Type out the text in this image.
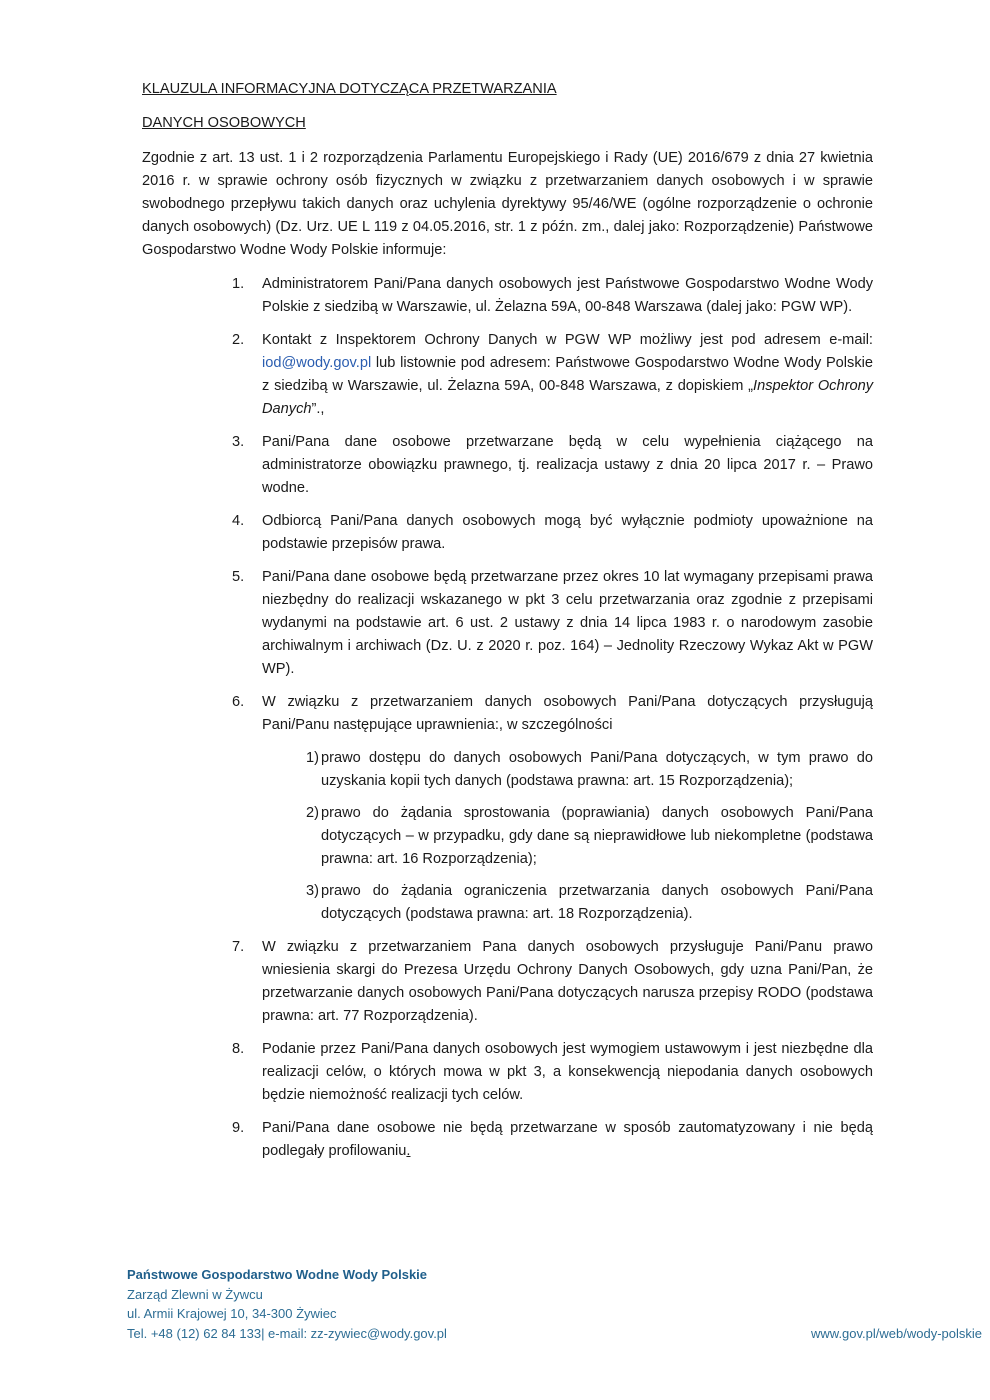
KLAUZULA INFORMACYJNA DOTYCZĄCA PRZETWARZANIA

DANYCH OSOBOWYCH

Zgodnie z art. 13 ust. 1 i 2 rozporządzenia Parlamentu Europejskiego i Rady (UE) 2016/679 z dnia 27 kwietnia 2016 r. w sprawie ochrony osób fizycznych w związku z przetwarzaniem danych osobowych i w sprawie swobodnego przepływu takich danych oraz uchylenia dyrektywy 95/46/WE (ogólne rozporządzenie o ochronie danych osobowych) (Dz. Urz. UE L 119 z 04.05.2016, str. 1 z późn. zm., dalej jako: Rozporządzenie) Państwowe Gospodarstwo Wodne Wody Polskie informuje:

1. Administratorem Pani/Pana danych osobowych jest Państwowe Gospodarstwo Wodne Wody Polskie z siedzibą w Warszawie, ul. Żelazna 59A, 00-848 Warszawa (dalej jako: PGW WP).
2. Kontakt z Inspektorem Ochrony Danych w PGW WP możliwy jest pod adresem e-mail: iod@wody.gov.pl lub listownie pod adresem: Państwowe Gospodarstwo Wodne Wody Polskie z siedzibą w Warszawie, ul. Żelazna 59A, 00-848 Warszawa, z dopiskiem „Inspektor Ochrony Danych”.,
3. Pani/Pana dane osobowe przetwarzane będą w celu wypełnienia ciążącego na administratorze obowiązku prawnego, tj. realizacja ustawy z dnia 20 lipca 2017 r. – Prawo wodne.
4. Odbiorcą Pani/Pana danych osobowych mogą być wyłącznie podmioty upoważnione na podstawie przepisów prawa.
5. Pani/Pana dane osobowe będą przetwarzane przez okres 10 lat wymagany przepisami prawa niezbędny do realizacji wskazanego w pkt 3 celu przetwarzania oraz zgodnie z przepisami wydanymi na podstawie art. 6 ust. 2 ustawy z dnia 14 lipca 1983 r. o narodowym zasobie archiwalnym i archiwach (Dz. U. z 2020 r. poz. 164) – Jednolity Rzeczowy Wykaz Akt w PGW WP).
6. W związku z przetwarzaniem danych osobowych Pani/Pana dotyczących przysługują Pani/Panu następujące uprawnienia:, w szczególności
1) prawo dostępu do danych osobowych Pani/Pana dotyczących, w tym prawo do uzyskania kopii tych danych (podstawa prawna: art. 15 Rozporządzenia);
2) prawo do żądania sprostowania (poprawiania) danych osobowych Pani/Pana dotyczących – w przypadku, gdy dane są nieprawidłowe lub niekompletne (podstawa prawna: art. 16 Rozporządzenia);
3) prawo do żądania ograniczenia przetwarzania danych osobowych Pani/Pana dotyczących (podstawa prawna: art. 18 Rozporządzenia).
7. W związku z przetwarzaniem Pana danych osobowych przysługuje Pani/Panu prawo wniesienia skargi do Prezesa Urzędu Ochrony Danych Osobowych, gdy uzna Pani/Pan, że przetwarzanie danych osobowych Pani/Pana dotyczących narusza przepisy RODO (podstawa prawna: art. 77 Rozporządzenia).
8. Podanie przez Pani/Pana danych osobowych jest wymogiem ustawowym i jest niezbędne dla realizacji celów, o których mowa w pkt 3, a konsekwencją niepodania danych osobowych będzie niemożność realizacji tych celów.
9. Pani/Pana dane osobowe nie będą przetwarzane w sposób zautomatyzowany i nie będą podlegały profilowaniu.
Państwowe Gospodarstwo Wodne Wody Polskie
Zarząd Zlewni w Żywcu
ul. Armii Krajowej 10, 34-300 Żywiec
Tel. +48 (12) 62 84 133| e-mail: zz-zywiec@wody.gov.pl	www.gov.pl/web/wody-polskie
